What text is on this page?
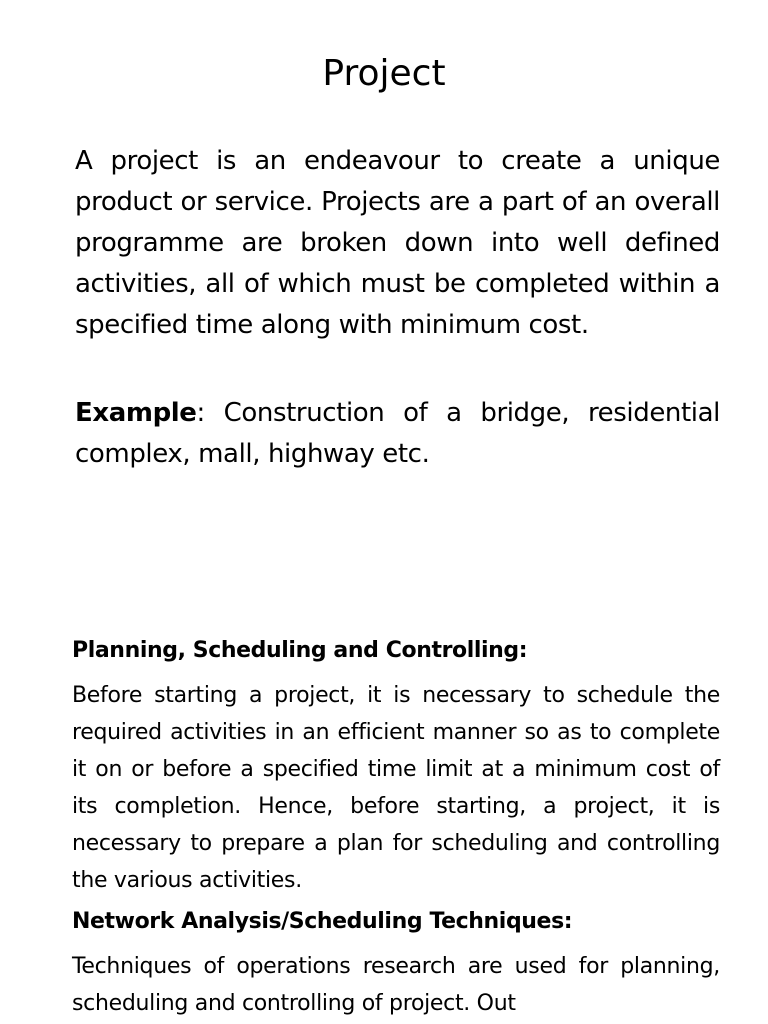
Project

A project is an endeavour to create a unique product or service. Projects are a part of an overall programme are broken down into well defined activities, all of which must be completed within a specified time along with minimum cost.

Example: Construction of a bridge, residential complex, mall, highway etc.

Planning, Scheduling and Controlling:

Before starting a project, it is necessary to schedule the required activities in an efficient manner so as to complete it on or before a specified time limit at a minimum cost of its completion. Hence, before starting, a project, it is necessary to prepare a plan for scheduling and controlling the various activities.

Network Analysis/Scheduling Techniques:

Techniques of operations research are used for planning, scheduling and controlling of project. Out
